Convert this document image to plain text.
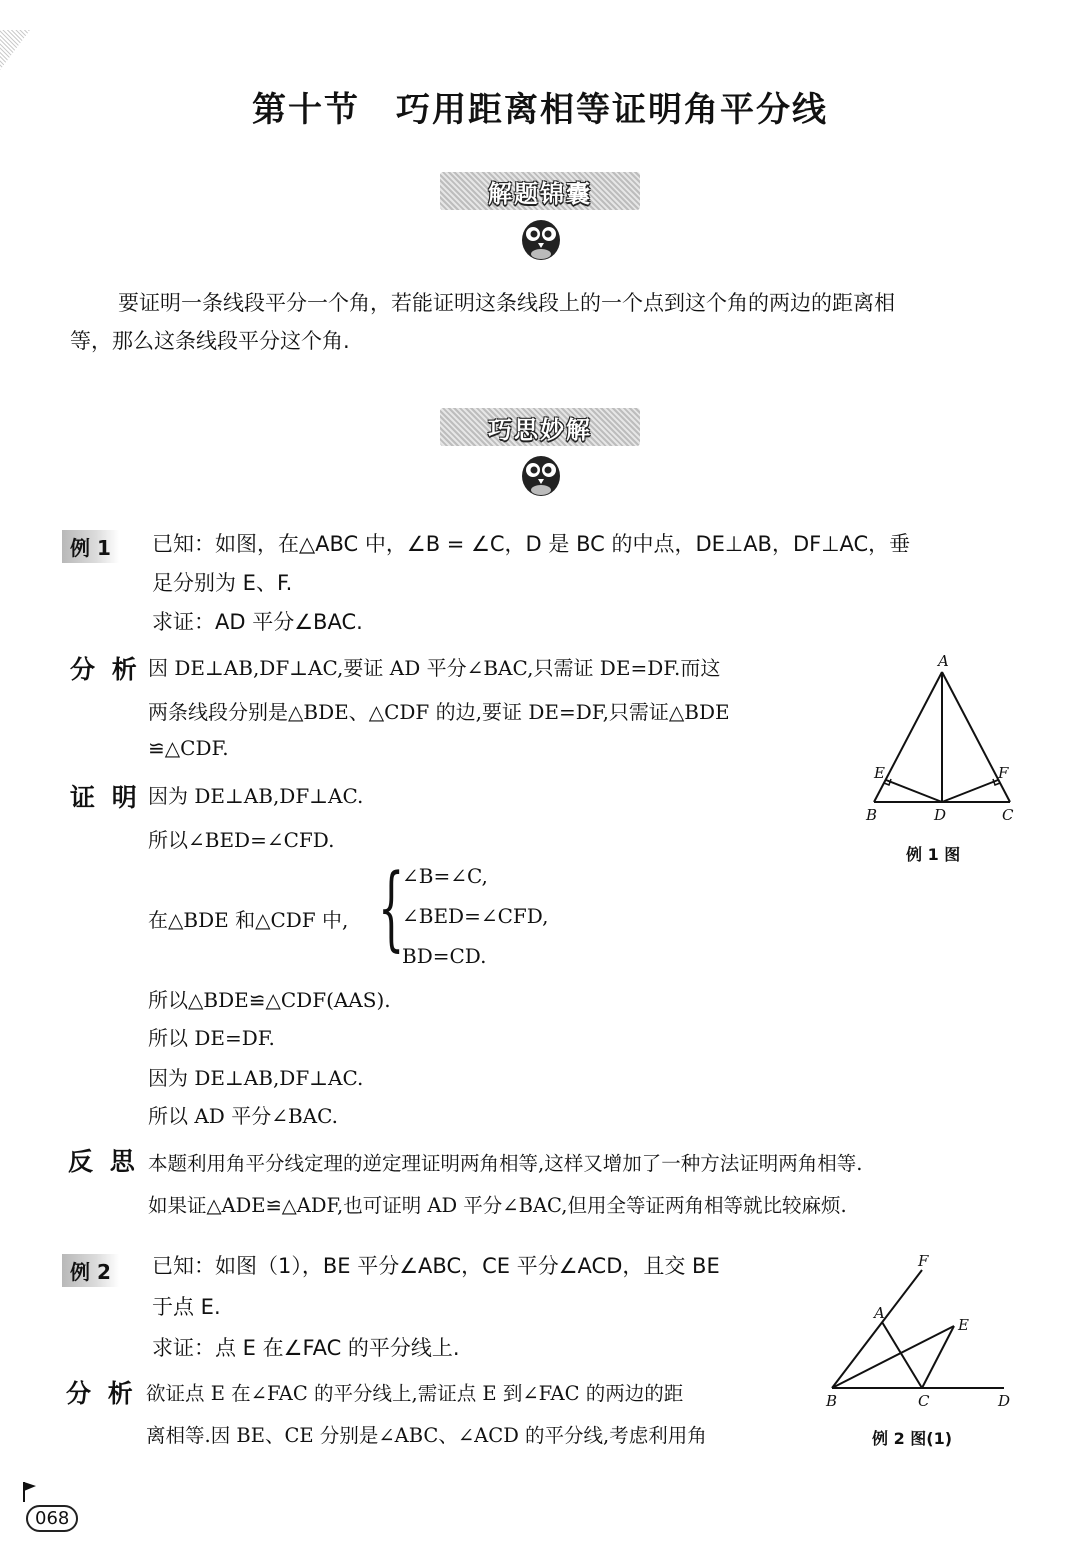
第十节　巧用距离相等证明角平分线
解题锦囊
要证明一条线段平分一个角，若能证明这条线段上的一个点到这个角的两边的距离相
等，那么这条线段平分这个角.
巧思妙解
例 1	已知：如图，在△ABC 中，∠B = ∠C，D 是 BC 的中点，DE⊥AB，DF⊥AC，垂
足分别为 E、F.
求证：AD 平分∠BAC.
分 析 因 DE⊥AB,DF⊥AC,要证 AD 平分∠BAC,只需证 DE=DF.而这
两条线段分别是△BDE、△CDF 的边,要证 DE=DF,只需证△BDE
≌△CDF.
证 明 因为 DE⊥AB,DF⊥AC.
所以∠BED=∠CFD.
在△BDE 和△CDF 中, {
∠B=∠C,
∠BED=∠CFD,
BD=CD.
所以△BDE≌△CDF(AAS).
所以 DE=DF.
因为 DE⊥AB,DF⊥AC.
所以 AD 平分∠BAC.
反 思 本题利用角平分线定理的逆定理证明两角相等,这样又增加了一种方法证明两角相等.
如果证△ADE≌△ADF,也可证明 AD 平分∠BAC,但用全等证两角相等就比较麻烦.
A
E	F
B	D	C
例 1 图
例 2	已知：如图（1），BE 平分∠ABC，CE 平分∠ACD，且交 BE
于点 E.
求证：点 E 在∠FAC 的平分线上.
分 析 欲证点 E 在∠FAC 的平分线上,需证点 E 到∠FAC 的两边的距
离相等.因 BE、CE 分别是∠ABC、∠ACD 的平分线,考虑利用角
F
A
E
B	C	D
例 2 图(1)
068
